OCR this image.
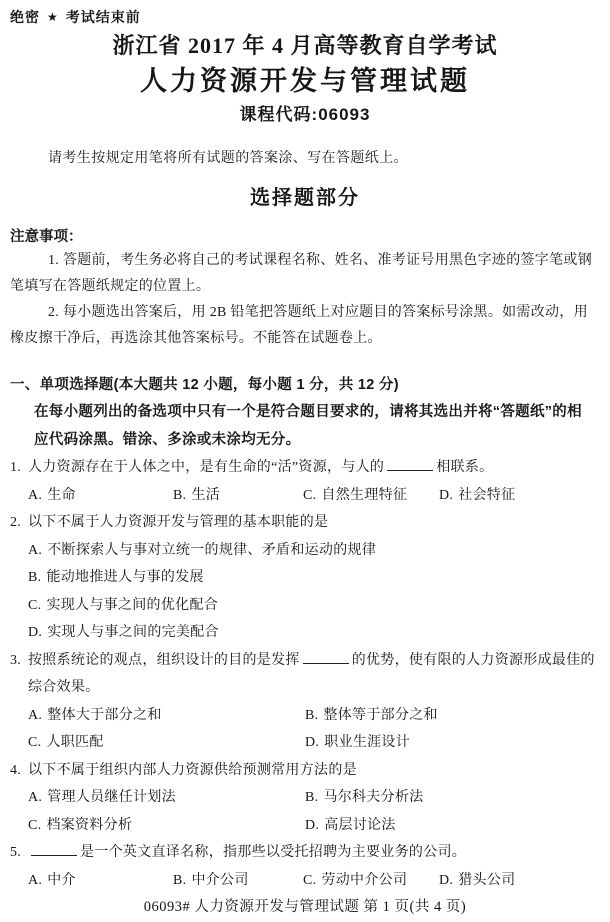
绝密 ★ 考试结束前
浙江省 2017 年 4 月高等教育自学考试
人力资源开发与管理试题
课程代码:06093

请考生按规定用笔将所有试题的答案涂、写在答题纸上。

选择题部分
注意事项：

1. 答题前，考生务必将自己的考试课程名称、姓名、准考证号用黑色字迹的签字笔或钢笔填写在答题纸规定的位置上。

2. 每小题选出答案后，用 2B 铅笔把答题纸上对应题目的答案标号涂黑。如需改动，用橡皮擦干净后，再选涂其他答案标号。不能答在试题卷上。

一、单项选择题(本大题共 12 小题，每小题 1 分，共 12 分)
在每小题列出的备选项中只有一个是符合题目要求的，请将其选出并将“答题纸”的相应代码涂黑。错涂、多涂或未涂均无分。
1. 人力资源存在于人体之中，是有生命的“活”资源，与人的	相联系。
A. 生命	B. 生活	C. 自然生理特征	D. 社会特征
2. 以下不 ·属于人力资源开发与管理的基本职能的是
A. 不断探索人与事对立统一的规律、矛盾和运动的规律
B. 能动地推进人与事的发展
C. 实现人与事之间的优化配合
D. 实现人与事之间的完美配合
3. 按照系统论的观点，组织设计的目的是发挥	的优势，使有限的人力资源形成最佳的综合效果。
A. 整体大于部分之和	B. 整体等于部分之和
C. 人职匹配	D. 职业生涯设计
4. 以下不 ·属于组织内部人力资源供给预测常用方法的是
A. 管理人员继任计划法	B. 马尔科夫分析法
C. 档案资料分析	D. 高层讨论法
5.	是一个英文直译名称，指那些以受托招聘为主要业务的公司。
A. 中介	B. 中介公司	C. 劳动中介公司	D. 猎头公司
06093# 人力资源开发与管理试题 第 1 页(共 4 页)
